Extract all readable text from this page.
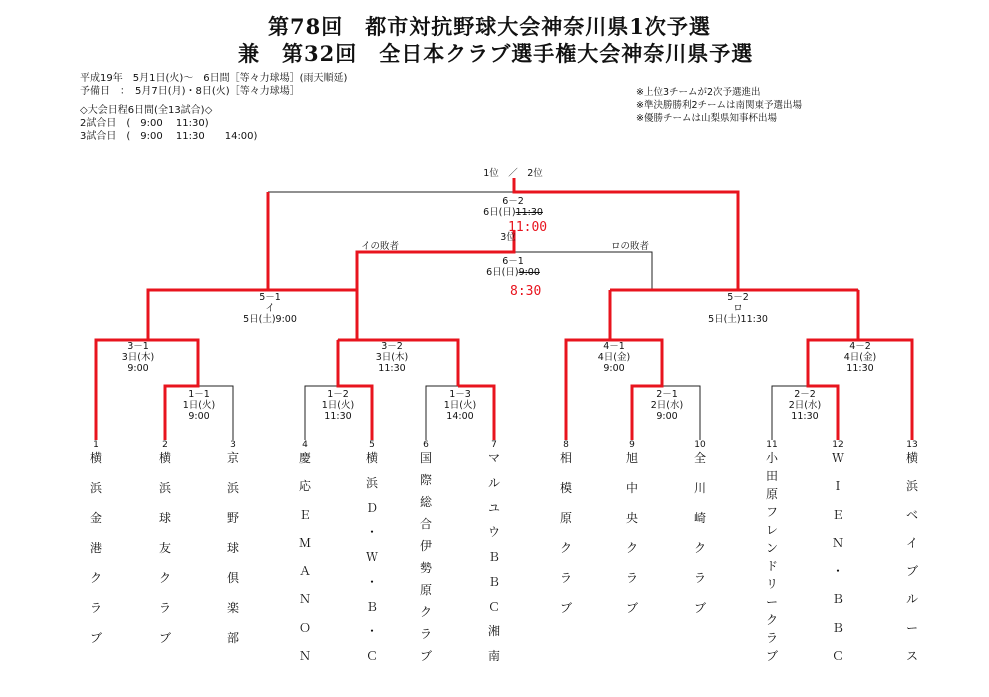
第78回　都市対抗野球大会神奈川県1次予選
兼　第32回　全日本クラブ選手権大会神奈川県予選
平成19年　 5月1日(火)～　6日間［等々力球場］(雨天順延)
予備日　：　 5月7日(月)・8日(火)［等々力球場］
◇大会日程6日間(全13試合)◇
2試合日　(　9:00　 11:30)
3試合日　(　9:00　 11:30　　14:00)
※上位3チームが2次予選進出
※準決勝勝利2チームは南関東予選出場
※優勝チームは山梨県知事杯出場
1位　／　2位
6－2
6日(日)11:30
11:00
3位
イの敗者	ロの敗者
6－1
6日(日)9:00
8:30
5－1
イ
5日(土)9:00
5－2
ロ
5日(土)11:30
3－1
3日(木)
9:00
3－2
3日(木)
11:30
4－1
4日(金)
9:00
4－2
4日(金)
11:30
1－1
1日(火)
9:00
1－2
1日(火)
11:30
1－3
1日(火)
14:00
2－1
2日(水)
9:00
2－2
2日(水)
11:30
1
横
浜
金
港
ク
ラ
ブ
2
横
浜
球
友
ク
ラ
ブ
3
京
浜
野
球
倶
楽
部
4
慶
応
Ｅ
Ｍ
Ａ
Ｎ
Ｏ
Ｎ
5
横
浜
Ｄ
・
Ｗ
・
Ｂ
・
Ｃ
6
国
際
総
合
伊
勢
原
ク
ラ
ブ
7
マ
ル
ユ
ウ
Ｂ
Ｂ
Ｃ
湘
南
8
相
模
原
ク
ラ
ブ
9
旭
中
央
ク
ラ
ブ
10
全
川
崎
ク
ラ
ブ
11
小
田
原
フ
レ
ン
ド
リ
ー
ク
ラ
ブ
12
Ｗ
Ｉ
Ｅ
Ｎ
・
Ｂ
Ｂ
Ｃ
13
横
浜
ベ
イ
ブ
ル
ー
ス
